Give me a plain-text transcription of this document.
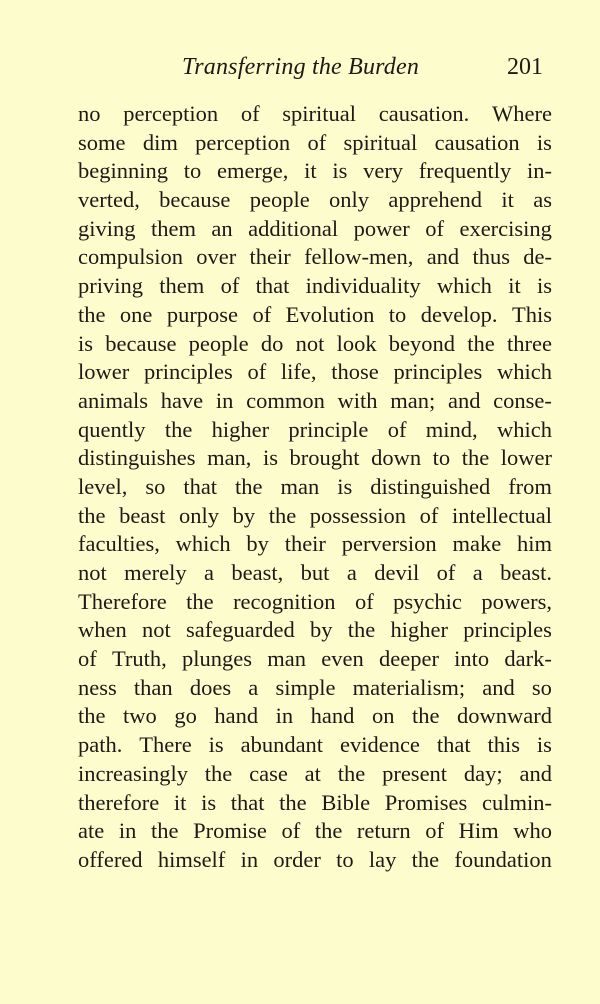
Transferring the Burden	201
no perception of spiritual causation. Where
some dim perception of spiritual causation is
beginning to emerge, it is very frequently in-
verted, because people only apprehend it as
giving them an additional power of exercising
compulsion over their fellow-men, and thus de-
priving them of that individuality which it is
the one purpose of Evolution to develop. This
is because people do not look beyond the three
lower principles of life, those principles which
animals have in common with man; and conse-
quently the higher principle of mind, which
distinguishes man, is brought down to the lower
level, so that the man is distinguished from
the beast only by the possession of intellectual
faculties, which by their perversion make him
not merely a beast, but a devil of a beast.
Therefore the recognition of psychic powers,
when not safeguarded by the higher principles
of Truth, plunges man even deeper into dark-
ness than does a simple materialism; and so
the two go hand in hand on the downward
path. There is abundant evidence that this is
increasingly the case at the present day; and
therefore it is that the Bible Promises culmin-
ate in the Promise of the return of Him who
offered himself in order to lay the foundation
